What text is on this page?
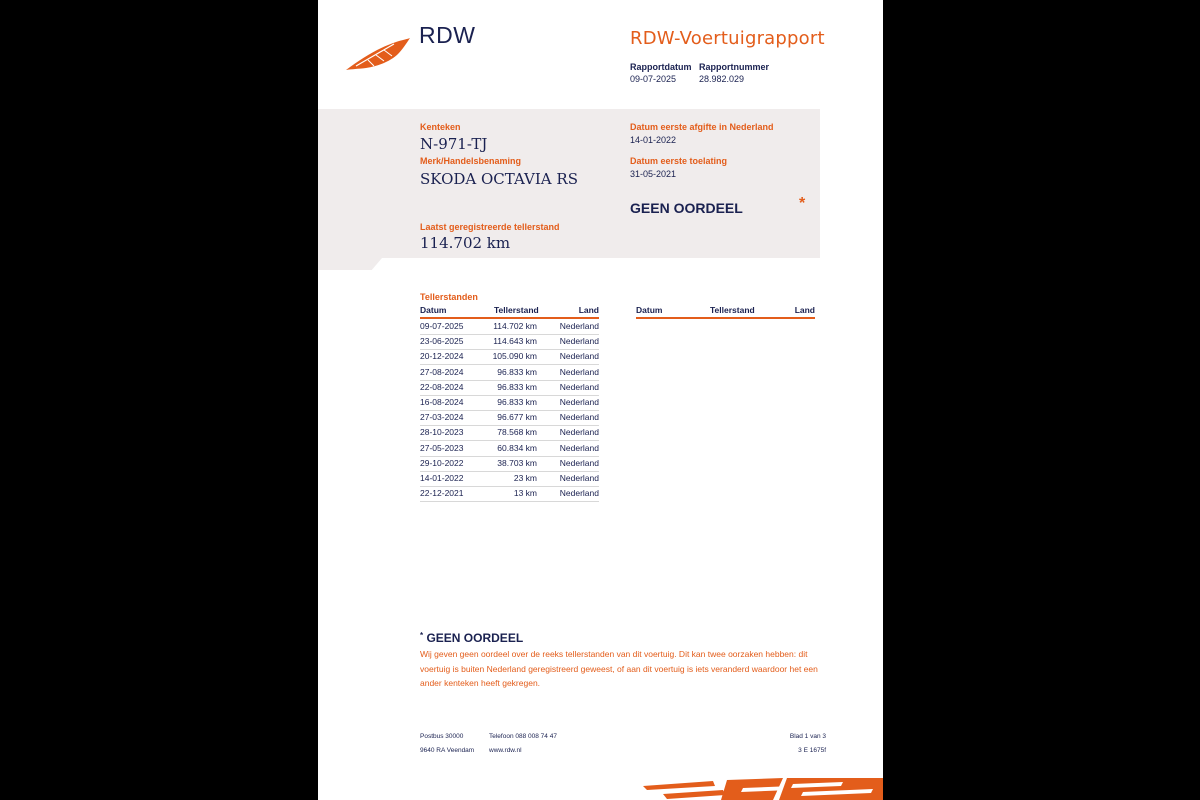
RDW	RDW-Voertuigrapport
Rapportdatum
09-07-2025
Rapportnummer
28.982.029
Kenteken
N-971-TJ
Merk/Handelsbenaming
SKODA OCTAVIA RS
Datum eerste afgifte in Nederland
14-01-2022
Datum eerste toelating
31-05-2021
GEEN OORDEEL	*
Laatst geregistreerde tellerstand
114.702 km
Tellerstanden
Datum	Tellerstand	Land
09-07-2025	114.702 km	Nederland
23-06-2025	114.643 km	Nederland
20-12-2024	105.090 km	Nederland
27-08-2024	96.833 km	Nederland
22-08-2024	96.833 km	Nederland
16-08-2024	96.833 km	Nederland
27-03-2024	96.677 km	Nederland
28-10-2023	78.568 km	Nederland
27-05-2023	60.834 km	Nederland
29-10-2022	38.703 km	Nederland
14-01-2022	23 km	Nederland
22-12-2021	13 km	Nederland
Datum	Tellerstand	Land
* GEEN OORDEEL
Wij geven geen oordeel over de reeks tellerstanden van dit voertuig. Dit kan twee oorzaken hebben: dit voertuig is buiten Nederland geregistreerd geweest, of aan dit voertuig is iets veranderd waardoor het een ander kenteken heeft gekregen.
Postbus 30000
9640 RA Veendam
Telefoon 088 008 74 47
www.rdw.nl
Blad 1 van 3
3 E 1675f
